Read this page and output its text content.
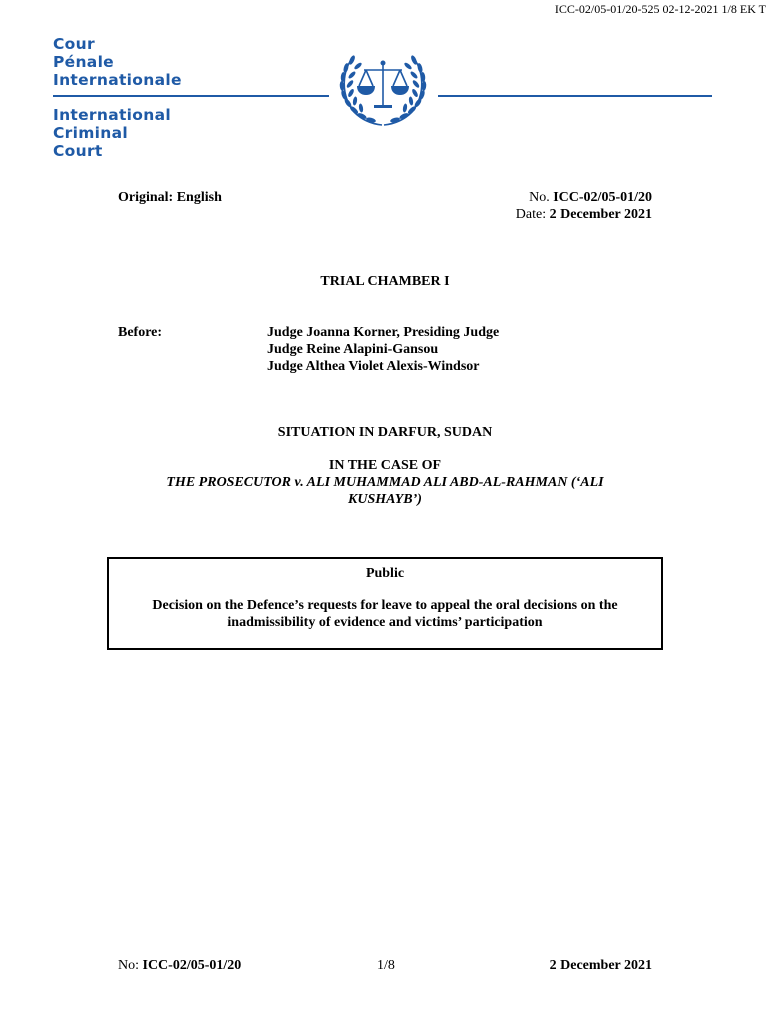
ICC-02/05-01/20-525 02-12-2021 1/8 EK T
Cour
Pénale
Internationale
International
Criminal
Court
Original: English	No. ICC-02/05-01/20
Date: 2 December 2021
TRIAL CHAMBER I
Before:	Judge Joanna Korner, Presiding Judge
Judge Reine Alapini-Gansou
Judge Althea Violet Alexis-Windsor
SITUATION IN DARFUR, SUDAN
IN THE CASE OF
THE PROSECUTOR v. ALI MUHAMMAD ALI ABD-AL-RAHMAN (‘ALI KUSHAYB’)
Public
Decision on the Defence’s requests for leave to appeal the oral decisions on the inadmissibility of evidence and victims’ participation
No: ICC-02/05-01/20	1/8	2 December 2021
